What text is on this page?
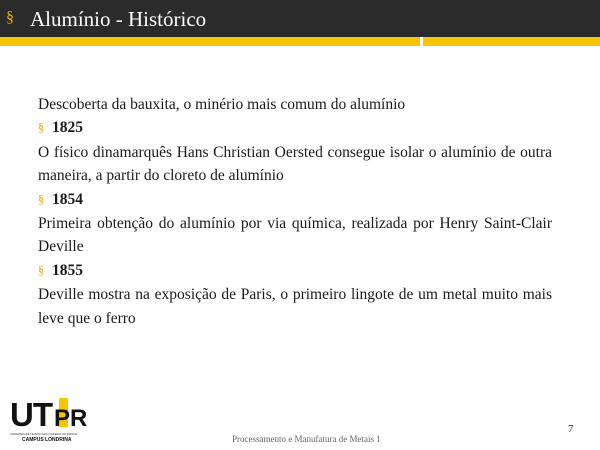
§ Alumínio - Histórico

Descoberta da bauxita, o minério mais comum do alumínio

§ 1825

O físico dinamarquês Hans Christian Oersted consegue isolar o alumínio de outra maneira, a partir do cloreto de alumínio

§ 1854

Primeira obtenção do alumínio por via química, realizada por Henry Saint-Clair Deville

§ 1855

Deville mostra na exposição de Paris, o primeiro lingote de um metal muito mais leve que o ferro

UTPR
UNIVERSIDADE TECNOLÓGICA FEDERAL DO PARANÁ
CAMPUS LONDRINA	Processamento e Manufatura de Metais 1
7
